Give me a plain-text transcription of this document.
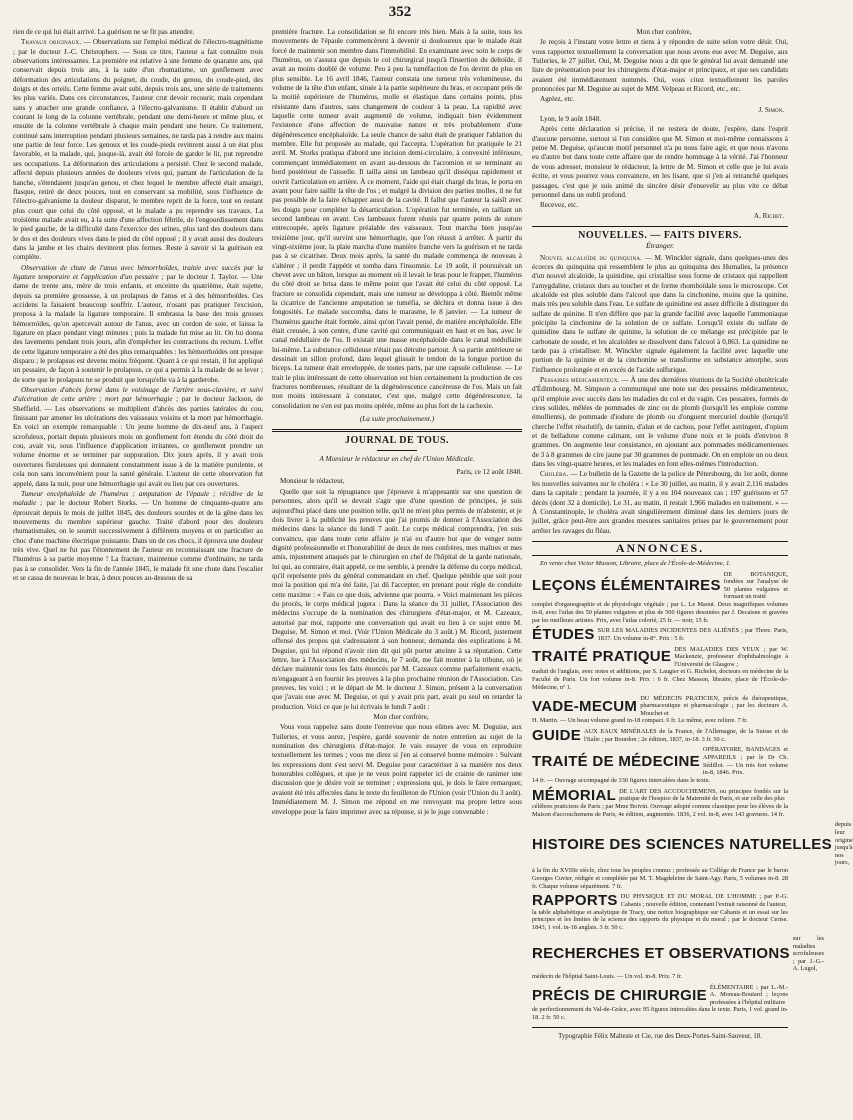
352

rien de ce qui lui était arrivé. La guérison ne se fit pas attendre.

Travaux originaux. — Observations sur l'emploi médical de l'électro-magnétisme ; par le docteur J.-C. Christophers. — Sous ce titre, l'auteur a fait connaître trois observations intéressantes. La première est relative à une femme de quarante ans, qui conservait depuis trois ans, à la suite d'un rhumatisme, un gonflement avec déformation des articulations du poignet, du coude, du genou, du coude-pied, des doigts et des orteils. Cette femme avait subi, depuis trois ans, une série de traitements les plus variés. Dans ces circonstances, l'auteur crut devoir recourir, mais cependant sans y attacher une grande confiance, à l'électro-galvanisme. Il établit d'abord un courant le long de la colonne vertébrale, pendant une demi-heure et même plus, et ensuite de la colonne vertébrale à chaque main pendant une heure. Ce traitement, continué sans interruption pendant plusieurs semaines, ne tarda pas à rendre aux mains une partie de leur force. Les genoux et les coude-pieds revinrent aussi à un état plus favorable, et la malade, qui, jusque-là, avait été forcée de garder le lit, put reprendre ses occupations. La déformation des articulations a persisté. Chez le second malade, affecté depuis plusieurs années de douleurs vives qui, partant de l'articulation de la hanche, s'étendaient jusqu'au genou, et chez lequel le membre affecté était amaigri, flasque, retiré de deux pouces, tout en conservant sa mobilité, sous l'influence de l'électro-galvanisme la douleur disparut, le membre reprit de la force, tout en restant plus court que celui du côté opposé, et le malade a pu reprendre ses travaux. La troisième malade avait eu, à la suite d'une affection fébrile, de l'engourdissement dans le pied gauche, de la difficulté dans l'exercice des urines, plus tard des douleurs dans le dos et des douleurs vives dans le pied du côté opposé ; il y avait aussi des douleurs dans la jambe et les chairs devinrent plus fermes. Reste à savoir si la guérison est complète.

Observation de chute de l'anus avec hémorrhoïdes, traitée avec succès par la ligature temporaire et l'application d'un pessaire ; par le docteur J. Taylor. — Une dame de trente ans, mère de trois enfants, et enceinte du quatrième, était sujette, depuis sa première grossesse, à un prolapsus de l'anus et à des hémorrhoïdes. Ces accidens la faisaient beaucoup souffrir. L'auteur, n'osant pas pratiquer l'excision, proposa à la malade la ligature temporaire. Il embrassa la base des trois grosses hémorroïdes, qu'on apercevait autour de l'anus, avec un cordon de soie, et laissa la ligature en place pendant vingt minutes ; puis la malade fut mise au lit. On lui donna des lavements pendant trois jours, afin d'empêcher les contractions du rectum. L'effet de cette ligature temporaire a été des plus remarquables : les hémorrhoïdes ont presque disparu ; le prolapsus est devenu moins fréquent. Quant à ce qui restait, il fut appliqué un pessaire, de façon à soutenir le prolapsus, ce qui a permis à la malade de se lever ; de sorte que le prolapsus ne se produit que lorsqu'elle va à la garderobe.

Observation d'abcès formé dans le voisinage de l'artère sous-clavière, et suivi d'ulcération de cette artère ; mort par hémorrhagie ; par le docteur Jackson, de Sheffield. — Les observations se multiplient d'abcès des parties latérales du cou, finissant par amener les ulcérations des vaisseaux voisins et la mort par hémorrhagie. En voici un exemple remarquable : Un jeune homme de dix-neuf ans, à l'aspect scrofuleux, portait depuis plusieurs mois un gonflement fort étendu du côté droit du cou, avait vu, sous l'influence d'application irritantes, ce gonflement prendre un volume énorme et se terminer par suppuration. Dix jours après, il y avait trois ouvertures fistuleuses qui donnaient constamment issue à de la matière purulente, et cela non sans inconvénient pour la santé générale. L'auteur de cette observation fut appelé, dans la nuit, pour une hémorrhagie qui avait eu lieu par ces ouvertures.

Tumeur encéphaloïde de l'humérus ; amputation de l'épaule ; récidive de la maladie ; par le docteur Robert Storks. — Un homme de cinquante-quatre ans éprouvait depuis le mois de juillet 1845, des douleurs sourdes et de la gêne dans les mouvements du membre supérieur gauche. Traité d'abord pour des douleurs rhumatismales, on le soumit successivement à différents moyens et en particulier au choc d'une machine électrique puissante. Dans un de ces chocs, il éprouva une douleur très vive. Quel ne fut pas l'étonnement de l'auteur en reconnaissant une fracture de l'humérus à sa partie moyenne ! La fracture, maintenue comme d'ordinaire, ne tarda pas à se consolider. Vers la fin de l'année 1845, le malade fit une chute dans l'escalier et se cassa de nouveau le bras, à deux pouces au-dessous de sa

première fracture. La consolidation se fit encore très bien. Mais à la suite, tous les mouvements de l'épaule commencèrent à devenir si douloureux que le malade était forcé de maintenir son membre dans l'immobilité. En examinant avec soin le corps de l'humérus, on s'assura que depuis le col chirurgical jusqu'à l'insertion du deltoïde, il avait au moins doublé de volume. Peu à peu la tuméfaction de l'os devint de plus en plus sensible. Le 16 avril 1846, l'auteur constata une tumeur très volumineuse, du volume de la tête d'un enfant, située à la partie supérieure du bras, et occupant près de la moitié supérieure de l'humérus, molle et élastique dans certains points, plus résistante dans d'autres, sans changement de couleur à la peau. La rapidité avec laquelle cette tumeur avait augmenté de volume, indiquait bien évidemment l'existence d'une affection de mauvaise nature et très probablement d'une dégénérescence encéphaloïde. La seule chance de salut était de pratiquer l'ablation du membre. Elle fut proposée au malade, qui l'accepta. L'opération fut pratiquée le 21 avril. M. Storks pratiqua d'abord une incision demi-circulaire, à convexité inférieure, commençant immédiatement en avant au-dessous de l'acromion et se terminant au bord postérieur de l'aisselle. Il tailla ainsi un lambeau qu'il disséqua rapidement et ouvrit l'articulation en arrière. À ce moment, l'aide qui était chargé du bras, le porta en avant pour faire saillir la tête de l'os ; et malgré la division des parties molles, il ne fut pas possible de la faire échapper aussi de la cavité. Il fallut que l'auteur la saisît avec les doigts pour compléter la désarticulation. L'opération fut terminée, en taillant un second lambeau en avant. Ces lambeaux furent réunis par quatre points de suture entrecoupée, après ligature préalable des vaisseaux. Tout marcha bien jusqu'au treizième jour, qu'il survint une hémorrhagie, que l'on réussit à arrêter. À partir du vingt-sixième jour, la plaie marcha d'une manière franche vers la guérison et ne tarda pas à se cicatriser. Deux mois après, la santé du malade commença de nouveau à s'altérer ; il perdit l'appétit et tomba dans l'insomnie. Le 19 août, il poursuivait un chevet avec un bâton, lorsque au moment où il levait le bras pour le frapper, l'humérus du côté droit se brisa dans le même point que l'avait été celui du côté opposé. La fracture se consolida cependant, mais une tumeur se développa à côté. Bientôt même la cicatrice de l'ancienne amputation se tuméfia, se déchira et donna issue à des fongosités. Le malade succomba, dans le marasme, le 8 janvier. — La tumeur de l'humérus gauche était formée, ainsi qu'on l'avait pensé, de matière encéphaloïde. Elle était creusée, à son centre, d'une cavité qui communiquait en haut et en bas, avec le canal médullaire de l'os. Il existait une masse encéphaloïde dans le canal médullaire lui-même. La substance celluleuse n'était pas détruite partout. À sa partie antérieure se dessinait un sillon profond, dans lequel glissait le tendon de la longue portion du biceps. La tumeur était enveloppée, de toutes parts, par une capsule celluleuse. — Le trait le plus intéressant de cette observation est bien certainement la production de ces fractures nombreuses, résultant de la dégénérescence cancéreuse de l'os. Mais un fait non moins intéressant à constater, c'est que, malgré cette dégénérescence, la consolidation ne s'en est pas moins opérée, même au plus fort de la cachexie.

(La suite prochainement.)
JOURNAL DE TOUS.
A Monsieur le rédacteur en chef de l'Union Médicale.
Paris, ce 12 août 1848.

Monsieur le rédacteur,

Quelle que soit la répugnance que j'éprouve à m'appesantir sur une question de personnes, alors qu'il se devrait s'agir que d'une question de principes, je suis aujourd'hui placé dans une position telle, qu'il ne m'est plus permis de m'abstenir, et je dois livrer à la publicité les preuves que j'ai promis de donner à l'Association des médecins dans la séance du lundi 7 août. Le corps médical comprendra, j'en suis convaincu, que dans toute cette affaire je n'ai eu d'autre but que de venger notre dignité professionnelle et l'honorabilité de deux de mes confrères, mes maîtres et mes amis, injustement attaqués par le chirurgien en chef de l'hôpital de la garde nationale, lui qui, au contraire, était appelé, ce me semble, à prendre la défense du corps médical, qu'il représente près du général commandant en chef. Quelque pénible que soit pour moi la position qui m'a été faite, j'ai dû l'accepter, en prenant pour règle de conduite cette maxime : « Fais ce que dois, advienne que pourra. » Voici maintenant les pièces du procès, le corps médical jugera : Dans la séance du 31 juillet, l'Association des médecins s'occupe de la nomination des chirurgiens d'état-major, et M. Cazeaux, autorisé par moi, rapporte une conversation qui avait eu lieu à ce sujet entre M. Deguise, M. Simon et moi. (Voir l'Union Médicale du 3 août.) M. Ricord, justement offensé des propos qui s'adressaient à son honneur, demanda des explications à M. Deguise, qui lui répond n'avoir rien dit qui pût porter atteinte à sa réputation. Cette lettre, lue à l'Association des médecins, le 7 août, me fait monter à la tribune, où je déclare maintenir tous les faits énoncés par M. Cazeaux comme parfaitement exacts, m'engageant à en fournir les preuves à la plus prochaine réunion de l'Association. Ces preuves, les voici ; et le départ de M. le docteur J. Simon, présent à la conversation que j'avais eue avec M. Deguise, et qui y avait pris part, avait pu seul en retarder la production. Voici ce que je lui écrivais le lundi 7 août :

Mon cher confrère,

Vous vous rappelez sans doute l'entrevue que nous eûmes avec M. Deguise, aux Tuileries, et vous aurez, j'espère, gardé souvenir de notre entretien au sujet de la nomination des chirurgiens d'état-major. Je vais essayer de vous en reproduire textuellement les termes ; vous me direz si j'en ai conservé bonne mémoire : Suivant les expressions dont s'est servi M. Deguise pour caractériser à sa manière nos deux honorables collègues, et que je ne veux point rappeler ici de crainte de ranimer une discussion que je désire voir se terminer ; expressions qui, je dois le faire remarquer, avaient été très affectées dans le texte du feuilleton de l'Union (voir l'Union du 3 août). Immédiatement M. J. Simon me répond en me renvoyant ma propre lettre sous enveloppe pour la faire imprimer avec sa réponse, si je le juge convenable :

Mon cher confrère,

Je reçois à l'instant votre lettre et tiens à y répondre de suite selon votre désir. Oui, vous rapportez textuellement la conversation que nous avons eue avec M. Deguise, aux Tuileries, le 27 juillet. Oui, M. Deguise nous a dit que le général lui avait demandé une liste de présentation pour les chirurgiens d'état-major et principaux, et que ses candidats avaient été immédiatement nommés. Oui, vous citez textuellement les paroles prononcées par M. Deguise au sujet de MM. Velpeau et Ricord, etc., etc.

Agréez, etc.

J. Simon.

Lyon, le 9 août 1848.

Après cette déclaration si précise, il ne restera de doute, j'espère, dans l'esprit d'aucune personne, surtout si l'on considère que M. Simon et moi-même connaissons à peine M. Deguise, qu'aucun motif personnel n'a pu nous faire agir, et que nous n'avons eu d'autre but dans toute cette affaire que de rendre hommage à la vérité. J'ai l'honneur de vous adresser, monsieur le rédacteur, la lettre de M. Simon et celle que je lui avais écrite, et vous pourrez vous convaincre, en les lisant, que si j'en ai retranché quelques passages, c'est que je suis animé du sincère désir d'ensevelir au plus vite ce débat personnel dans un oubli profond.

Recevez, etc.

A. Richet.
NOUVELLES. — FAITS DIVERS.
Étranger.

Nouvel alcaloïde du quinquina. — M. Winckler signale, dans quelques-unes des écorces du quinquina qui ressemblent le plus au quinquina des Humalies, la présence d'un nouvel alcaloïde, la quinidine, qui cristallise sous forme de cristaux qui rappellent l'amygdaline, cristaux durs au toucher et de forme rhomboïdale sous le microscope. Cet alcaloïde est plus soluble dans l'alcool que dans la cinchonine, moins que la quinine, mais très peu soluble dans l'eau. Le sulfate de quinidine est assez difficile à distinguer du sulfate de quinine. Il n'en diffère que par la grande facilité avec laquelle l'ammoniaque précipite la cinchonine de la solution de ce sulfate. Lorsqu'il existe du sulfate de quinidine dans le sulfate de quinine, la solution de ce mélange est précipitée par le carbonate de soude, et les alcaloïdes se dissolvent dans l'alcool à 0,863. La quinidine ne tarde pas à cristalliser. M. Winckler signale également la facilité avec laquelle une portion de la quinine et de la cinchonine se transforme en substance amorphe, sous l'influence prolongée et en excès de l'acide sulfurique.

Pessaires médicamenteux. — À une des dernières réunions de la Société obstétricale d'Édimbourg, M. Simpson a communiqué une note sur des pessaires médicamenteux, qu'il emploie avec succès dans les maladies du col et du vagin. Ces pessaires, formés de cires solides, mêlées de pommades de zinc ou de plomb (lorsqu'il les emploie comme émollients), de pommade d'iodure de plomb ou d'onguent mercuriel double (lorsqu'il cherche l'effet résolutif), de tannin, d'alun et de cachou, pour l'effet astringent, d'opium et de belladone comme calmant, ont le volume d'une noix et le poids d'environ 8 grammes. On augmente leur consistance, en ajoutant aux pommades médicamenteuses de 3 à 8 grammes de cire jaune par 30 grammes de pommade. On en emploie un ou deux dans les vingt-quatre heures, et les malades en font elles-mêmes l'introduction.

Choléra. — Le bulletin de la Gazette de la police de Pétersbourg, du 1er août, donne les nouvelles suivantes sur le choléra : « Le 30 juillet, au matin, il y avait 2,116 malades dans la capitale ; pendant la journée, il y a eu 104 nouveaux cas ; 197 guérisons et 57 décès (dont 32 à domicile). Le 31, au matin, il restait 1,966 malades en traitement. » — À Constantinople, le choléra avait singulièrement diminué dans les derniers jours de juillet, grâce peut-être aux grandes mesures sanitaires prises par le gouvernement pour arrêter les ravages du fléau.

ANNONCES.

En vente chez Victor Masson, Libraire, place de l'École-de-Médecine, 1.

LEÇONS ÉLÉMENTAIRES
DE BOTANIQUE, fondées sur l'analyse de 50 plantes vulgaires et formant un traité
complet d'organographie et de physiologie végétale ; par L. Le Maout. Deux magnifiques volumes in-8, avec l'atlas des 50 plantes vulgaires et plus de 500 figures dessinées par J. Decaisne et gravées par les meilleurs artistes. Prix, avec l'atlas colorié, 25 fr. — noir, 15 fr.
ÉTUDES SUR LES MALADIES INCIDENTES DES ALIÉNÉS ; par Thore. Paris, 1837. Un volume in-8°. Prix : 5 fr.
TRAITÉ PRATIQUE DES MALADIES DES YEUX ; par W. Mackenzie, professeur d'ophthalmologie à l'Université de Glasgow ;
traduit de l'anglais, avec notes et additions, par S. Laugier et G. Richelot, docteurs en médecine de la Faculté de Paris. Un fort volume in-8. Prix : 6 fr. Chez Masson, libraire, place de l'École-de-Médecine, nº 1.
VADE-MECUM DU MÉDECIN PRATICIEN, précis de thérapeutique, pharmaceutique et pharmacologie ; par les docteurs A. Mouchet et
H. Martin. — Un beau volume grand in-18 compact. 6 fr. Le même, avec reliure. 7 fr.
GUIDE AUX EAUX MINÉRALES de la France, de l'Allemagne, de la Suisse et de l'Italie ; par Bourdon ; 2e édition, 1837, in-18. 3 fr. 50 c.
TRAITÉ DE MÉDECINE
OPÉRATOIRE, BANDAGES et APPAREILS ; par le Dr Ch. Sédillot. — Un très fort volume in-8, 1846. Prix.
14 fr. — Ouvrage accompagné de 330 figures intercalées dans le texte.
MÉMORIAL DE L'ART DES ACCOUCHEMENS, ou principes fondés sur la pratique de l'hospice de la Maternité de Paris, et sur celle des plus
célèbres praticiens de Paris ; par Mme Boivin. Ouvrage adopté comme classique pour les élèves de la Maison d'accouchemens de Paris, 4e édition, augmentée. 1836, 2 vol. in-8, avec 143 gravures. 14 fr.
HISTOIRE DES SCIENCES NATURELLES
depuis leur origine jusqu'à nos jours,
à la fin du XVIIIe siècle, chez tous les peuples connus ; professée au Collège de France par le baron Georges Cuvier, rédigée et complétée par M. T. Magdeleine de Saint-Agy. Paris, 5 volumes in-8. 28 fr. Chaque volume séparément. 7 fr.
RAPPORTS DU PHYSIQUE ET DU MORAL DE L'HOMME ; par P.-G. Cabanis ; nouvelle édition, contenant l'extrait raisonné de l'auteur,
la table alphabétique et analytique de Tracy, une notice biographique sur Cabanis et un essai sur les principes et les limites de la science des rapports du physique et du moral ; par le docteur Cerise. 1843, 1 vol. in-18 anglais. 3 fr. 50 c.
RECHERCHES ET OBSERVATIONS
sur les maladies scrofuleuses ; par J.-G.-A. Lugol,
médecin de l'hôpital Saint-Louis. — Un vol. in-8. Prix. 7 fr.
PRÉCIS DE CHIRURGIE ÉLÉMENTAIRE ; par L.-M.-A. Moreau-Boutard ; leçons professées à l'hôpital militaire
de perfectionnement du Val-de-Grâce, avec 95 figures intercalées dans le texte. Paris, 1 vol. grand in-18. 2 fr. 50 c.
Typographie Félix Malteste et Cie, rue des Deux-Portes-Saint-Sauveur, 18.
